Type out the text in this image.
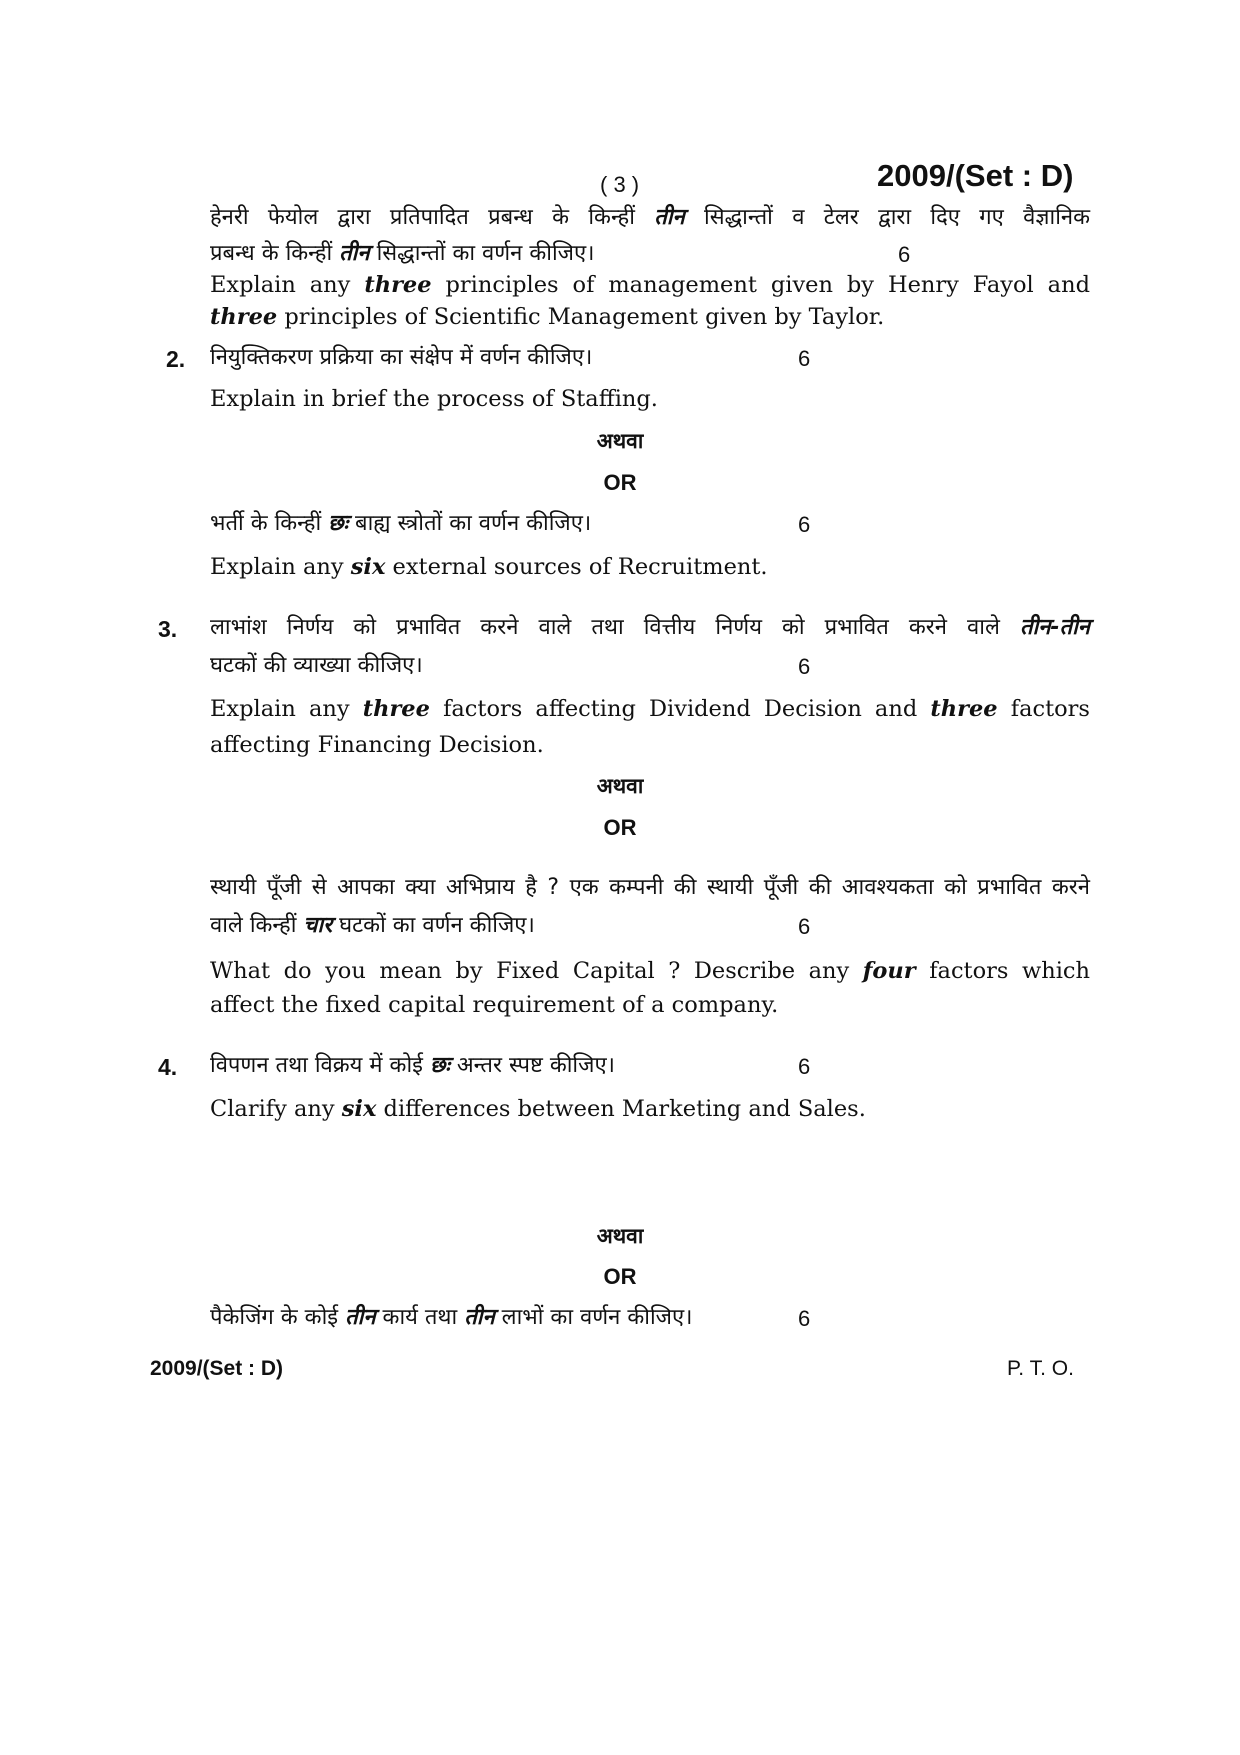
( 3 )	2009/(Set : D)
हेनरी फेयोल द्वारा प्रतिपादित प्रबन्ध के किन्हीं तीन सिद्धान्तों व टेलर द्वारा दिए गए वैज्ञानिक
प्रबन्ध के किन्हीं तीन सिद्धान्तों का वर्णन कीजिए।	6
Explain any three principles of management given by Henry Fayol and
three principles of Scientific Management given by Taylor.
2. नियुक्तिकरण प्रक्रिया का संक्षेप में वर्णन कीजिए।	6
Explain in brief the process of Staffing.
अथवा
OR
भर्ती के किन्हीं छः बाह्य स्त्रोतों का वर्णन कीजिए।	6
Explain any six external sources of Recruitment.
3. लाभांश निर्णय को प्रभावित करने वाले तथा वित्तीय निर्णय को प्रभावित करने वाले तीन-तीन
घटकों की व्याख्या कीजिए।	6
Explain any three factors affecting Dividend Decision and three factors
affecting Financing Decision.
अथवा
OR
स्थायी पूँजी से आपका क्या अभिप्राय है ? एक कम्पनी की स्थायी पूँजी की आवश्यकता को प्रभावित करने
वाले किन्हीं चार घटकों का वर्णन कीजिए।	6
What do you mean by Fixed Capital ? Describe any four factors which
affect the fixed capital requirement of a company.
4. विपणन तथा विक्रय में कोई छः अन्तर स्पष्ट कीजिए।	6
Clarify any six differences between Marketing and Sales.
अथवा
OR
पैकेजिंग के कोई तीन कार्य तथा तीन लाभों का वर्णन कीजिए।	6
2009/(Set : D)	P. T. O.
